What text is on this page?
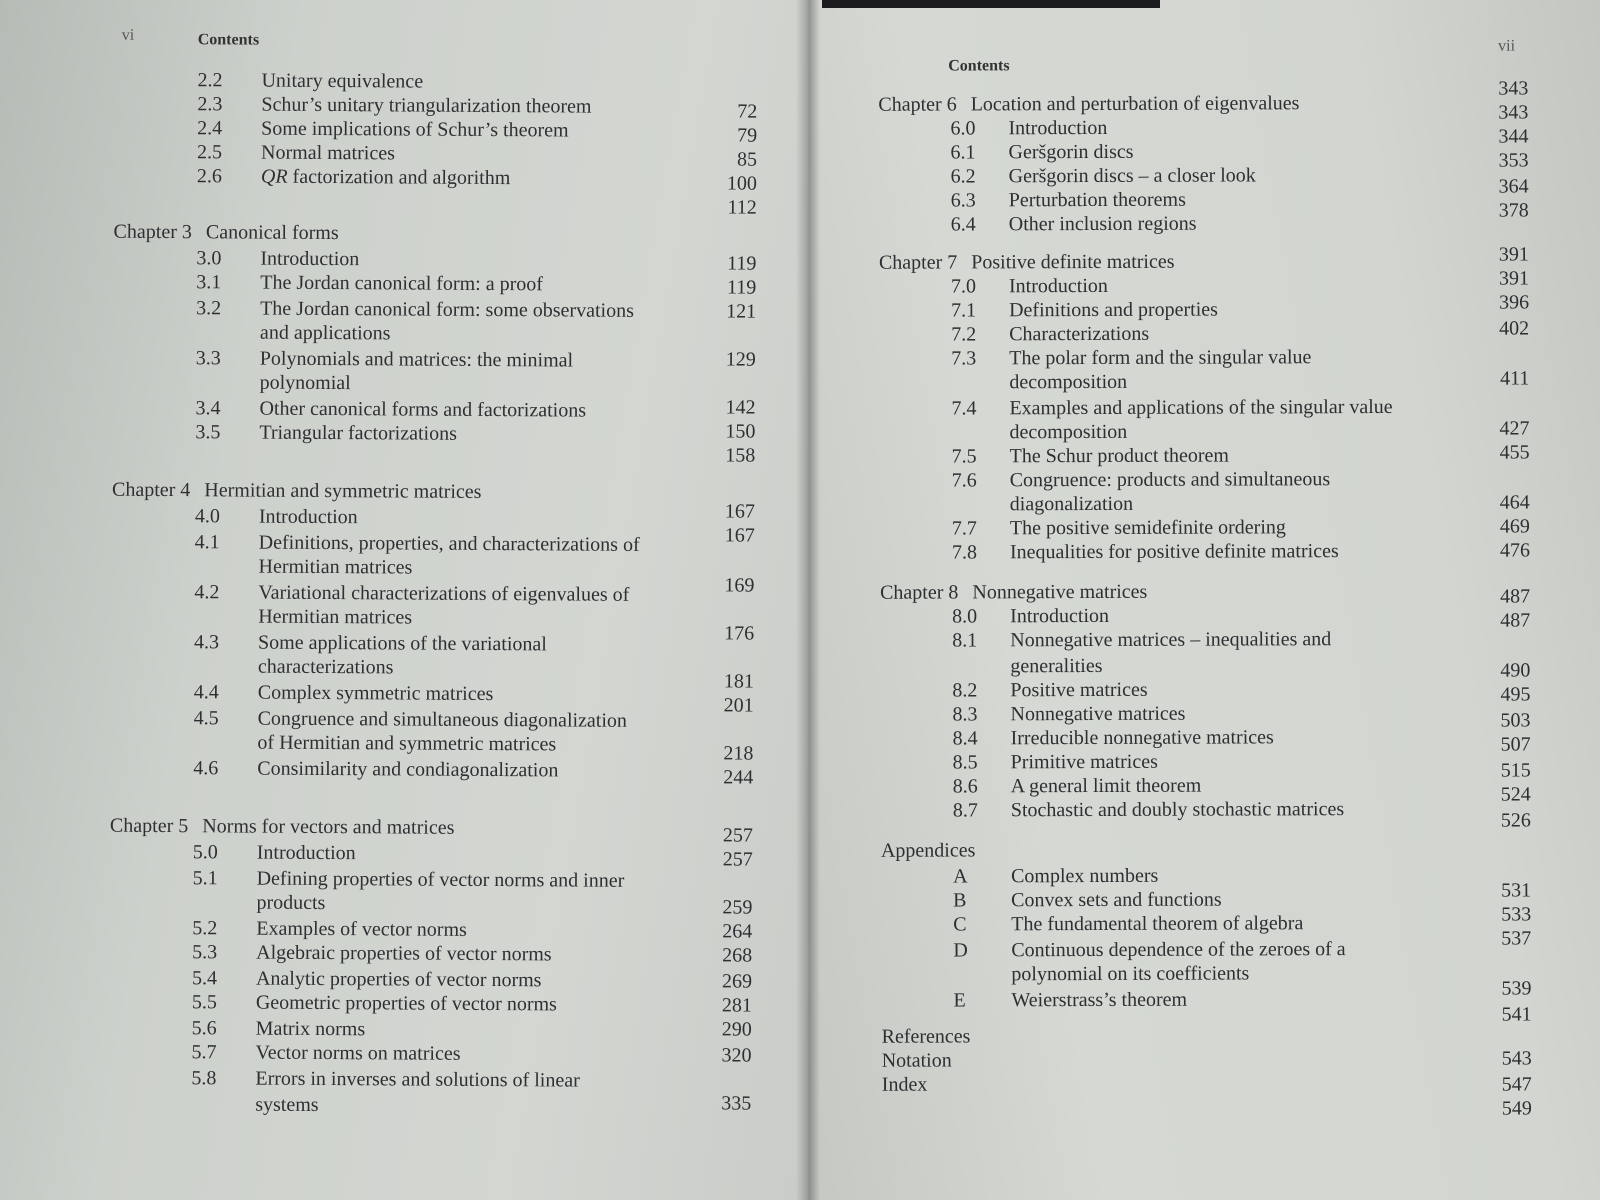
vi	Contents
2.2 Unitary equivalence
2.3 Schur’s unitary triangularization theorem
2.4 Some implications of Schur’s theorem
2.5 Normal matrices
2.6 QR factorization and algorithm
Chapter 3 Canonical forms
3.0 Introduction
3.1 The Jordan canonical form: a proof
3.2 The Jordan canonical form: some observations
and applications
3.3 Polynomials and matrices: the minimal
polynomial
3.4 Other canonical forms and factorizations
3.5 Triangular factorizations
Chapter 4 Hermitian and symmetric matrices
4.0 Introduction
4.1 Definitions, properties, and characterizations of
Hermitian matrices
4.2 Variational characterizations of eigenvalues of
Hermitian matrices
4.3 Some applications of the variational
characterizations
4.4 Complex symmetric matrices
4.5 Congruence and simultaneous diagonalization
of Hermitian and symmetric matrices
4.6 Consimilarity and condiagonalization
Chapter 5 Norms for vectors and matrices
5.0 Introduction
5.1 Defining properties of vector norms and inner
products
5.2 Examples of vector norms
5.3 Algebraic properties of vector norms
5.4 Analytic properties of vector norms
5.5 Geometric properties of vector norms
5.6 Matrix norms
5.7 Vector norms on matrices
5.8 Errors in inverses and solutions of linear
systems
72
79
85
100
112
119
119
121
129
142
150
158
167
167
169
176
181
201
218
244
257
257
259
264
268
269
281
290
320
335
vii
Contents
Chapter 6 Location and perturbation of eigenvalues
6.0 Introduction
6.1 Geršgorin discs
6.2 Geršgorin discs – a closer look
6.3 Perturbation theorems
6.4 Other inclusion regions
Chapter 7 Positive definite matrices
7.0 Introduction
7.1 Definitions and properties
7.2 Characterizations
7.3 The polar form and the singular value
decomposition
7.4 Examples and applications of the singular value
decomposition
7.5 The Schur product theorem
7.6 Congruence: products and simultaneous
diagonalization
7.7 The positive semidefinite ordering
7.8 Inequalities for positive definite matrices
Chapter 8 Nonnegative matrices
8.0 Introduction
8.1 Nonnegative matrices – inequalities and
generalities
8.2 Positive matrices
8.3 Nonnegative matrices
8.4 Irreducible nonnegative matrices
8.5 Primitive matrices
8.6 A general limit theorem
8.7 Stochastic and doubly stochastic matrices
Appendices
A Complex numbers
B Convex sets and functions
C The fundamental theorem of algebra
D Continuous dependence of the zeroes of a
polynomial on its coefficients
E Weierstrass’s theorem
References
Notation
Index
343
343
344
353
364
378
391
391
396
402
411
427
455
464
469
476
487
487
490
495
503
507
515
524
526
531
533
537
539
541
543
547
549
